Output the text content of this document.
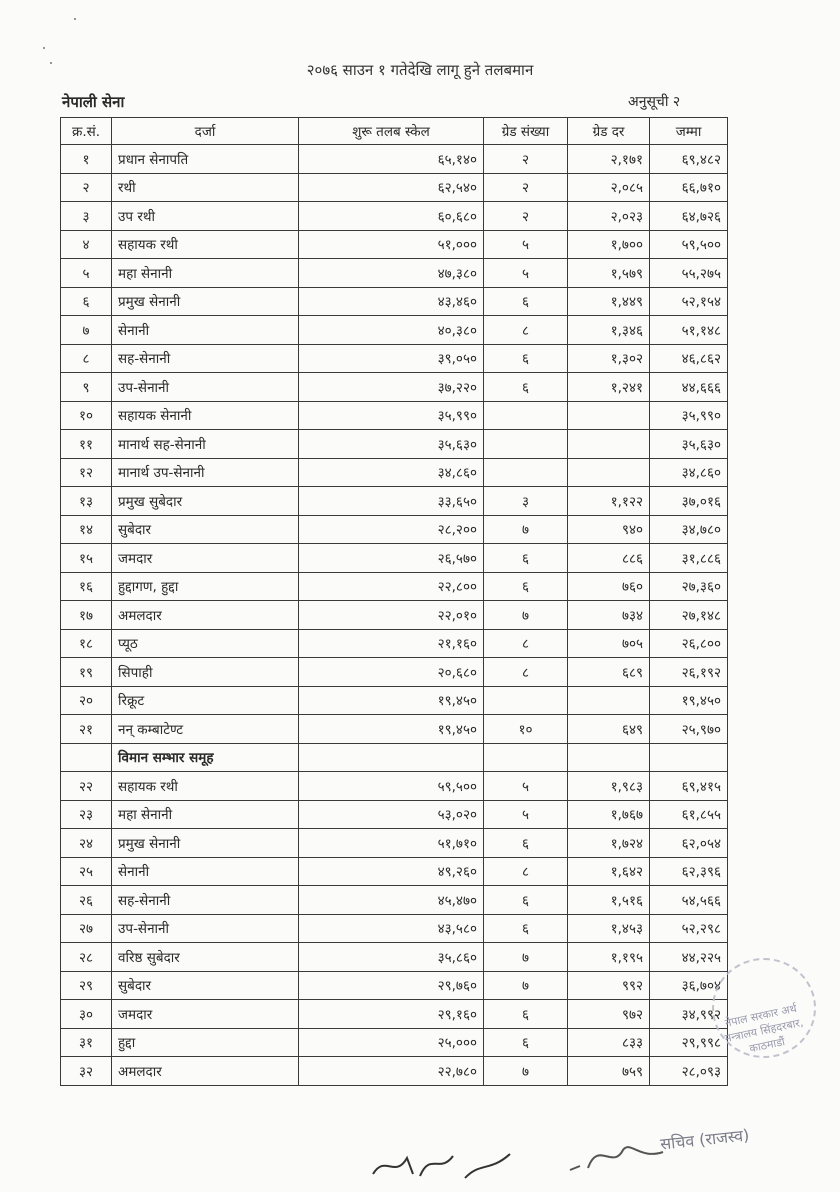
२०७६ साउन १ गतेदेखि लागू हुने तलबमान
नेपाली सेना	अनुसूची २
क्र.सं.	दर्जा	शुरू तलब स्केल	ग्रेड संख्या	ग्रेड दर	जम्मा
१	प्रधान सेनापति	६५,१४०	२	२,१७१	६९,४८२
२	रथी	६२,५४०	२	२,०८५	६६,७१०
३	उप रथी	६०,६८०	२	२,०२३	६४,७२६
४	सहायक रथी	५१,०००	५	१,७००	५९,५००
५	महा सेनानी	४७,३८०	५	१,५७९	५५,२७५
६	प्रमुख सेनानी	४३,४६०	६	१,४४९	५२,१५४
७	सेनानी	४०,३८०	८	१,३४६	५१,१४८
८	सह-सेनानी	३९,०५०	६	१,३०२	४६,८६२
९	उप-सेनानी	३७,२२०	६	१,२४१	४४,६६६
१०	सहायक सेनानी	३५,९९०			३५,९९०
११	मानार्थ सह-सेनानी	३५,६३०			३५,६३०
१२	मानार्थ उप-सेनानी	३४,८६०			३४,८६०
१३	प्रमुख सुबेदार	३३,६५०	३	१,१२२	३७,०१६
१४	सुबेदार	२८,२००	७	९४०	३४,७८०
१५	जमदार	२६,५७०	६	८८६	३१,८८६
१६	हुद्दागण, हुद्दा	२२,८००	६	७६०	२७,३६०
१७	अमलदार	२२,०१०	७	७३४	२७,१४८
१८	प्यूठ	२१,१६०	८	७०५	२६,८००
१९	सिपाही	२०,६८०	८	६८९	२६,१९२
२०	रिक्रूट	१९,४५०			१९,४५०
२१	नन् कम्बाटेण्ट	१९,४५०	१०	६४९	२५,९७०
	विमान सम्भार समूह				
२२	सहायक रथी	५९,५००	५	१,९८३	६९,४१५
२३	महा सेनानी	५३,०२०	५	१,७६७	६१,८५५
२४	प्रमुख सेनानी	५१,७१०	६	१,७२४	६२,०५४
२५	सेनानी	४९,२६०	८	१,६४२	६२,३९६
२६	सह-सेनानी	४५,४७०	६	१,५१६	५४,५६६
२७	उप-सेनानी	४३,५८०	६	१,४५३	५२,२९८
२८	वरिष्ठ सुबेदार	३५,८६०	७	१,१९५	४४,२२५
२९	सुबेदार	२९,७६०	७	९९२	३६,७०४
३०	जमदार	२९,१६०	६	९७२	३४,९९२
३१	हुद्दा	२५,०००	६	८३३	२९,९९८
३२	अमलदार	२२,७८०	७	७५९	२८,०९३
नेपाल सरकार अर्थ मन्त्रालय सिंहदरबार, काठमाडौं
सचिव (राजस्व)
